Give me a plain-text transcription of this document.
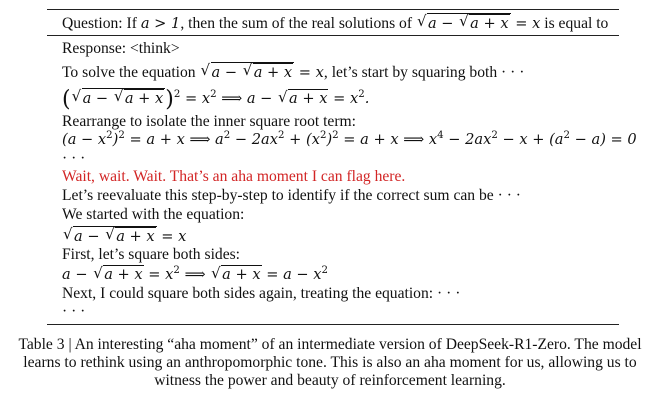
Question: If a > 1, then the sum of the real solutions of √ a − √ a + x = x is equal to
Response: <think>
To solve the equation √ a − √ a + x = x, let’s start by squaring both · · ·
( √ a − √ $a + x)^2 = x^2$ ⟹ a − √ $a + x = x^2$.
Rearrange to isolate the inner square root term:
$(a - x^2)^2 = a + x$ ⟹ $a^2 - 2ax^2 + (x^2)^2 = a + x$ ⟹ $x^4 - 2ax^2 - x + (a^2 - a) = 0$
· · ·
Wait, wait. Wait. That’s an aha moment I can flag here.
Let’s reevaluate this step-by-step to identify if the correct sum can be · · ·
We started with the equation:
√ a − √ a + x = x
First, let’s square both sides:
a − √ $a + x = x^2$ ⟹ √ $a + x = a - x^2$
Next, I could square both sides again, treating the equation: · · ·
· · ·
Table 3 | An interesting “aha moment” of an intermediate version of DeepSeek-R1-Zero. The model learns to rethink using an anthropomorphic tone. This is also an aha moment for us, allowing us to witness the power and beauty of reinforcement learning.
